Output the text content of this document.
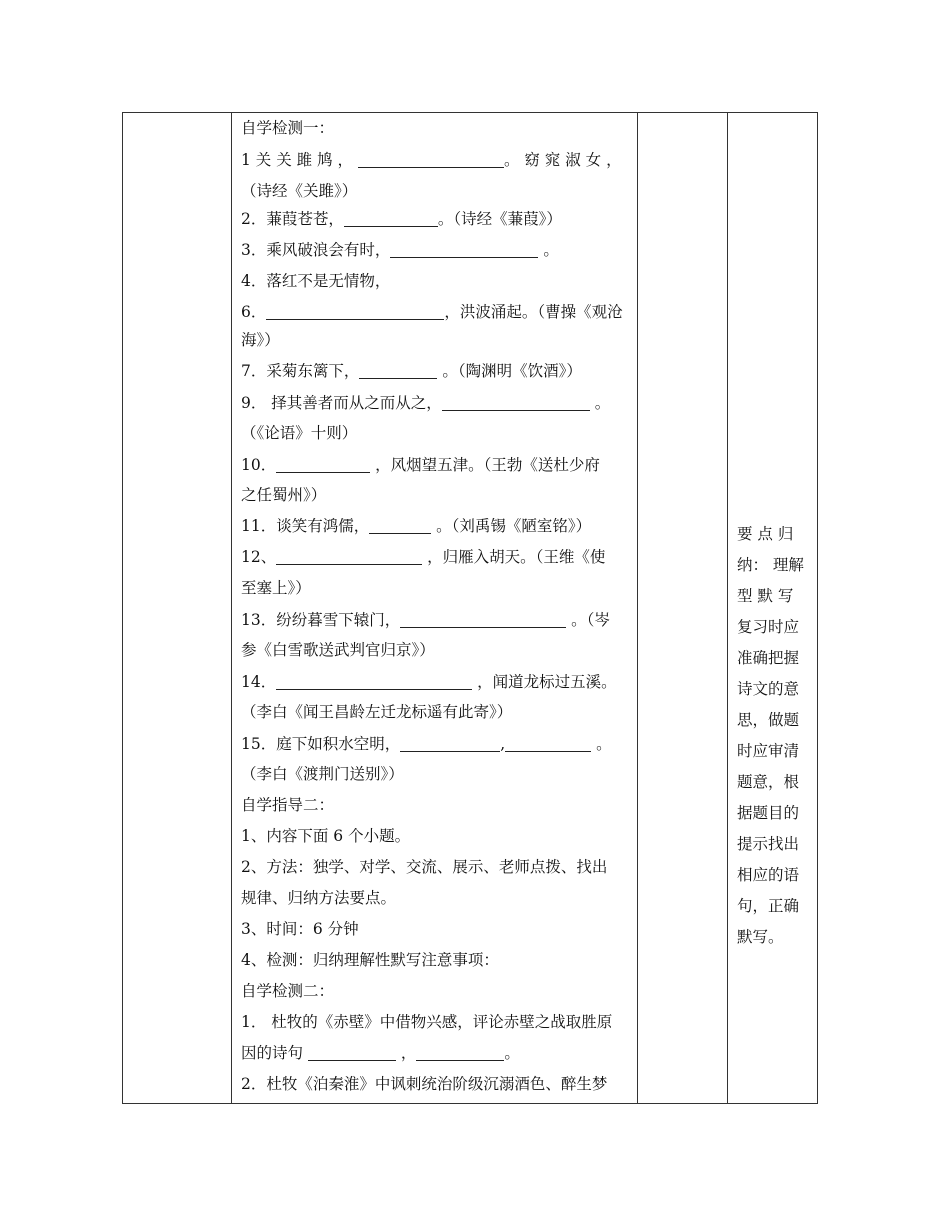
自学检测一：
1 关 关 雎 鸠 ，	。 窈 窕 淑 女 ，
（诗经《关雎》）
2．蒹葭苍苍，	。（诗经《蒹葭》）
3．乘风破浪会有时，	。
4．落红不是无情物，
6．	，洪波涌起。（曹操《观沧
海》）
7．采菊东篱下，	。（陶渊明《饮酒》）
9． 择其善者而从之而从之，	。
（《论语》十则）
10．	，风烟望五津。（王勃《送杜少府
之任蜀州》）
11．谈笑有鸿儒，	。（刘禹锡《陋室铭》）
12、	，归雁入胡天。（王维《使
至塞上》）
13．纷纷暮雪下辕门，	。（岑
参《白雪歌送武判官归京》）
14．	，闻道龙标过五溪。
（李白《闻王昌龄左迁龙标遥有此寄》）
15．庭下如积水空明，	,	。
（李白《渡荆门送别》）
自学指导二：
1、内容下面 6 个小题。
2、方法：独学、对学、交流、展示、老师点拨、找出
规律、归纳方法要点。
3、时间：6 分钟
4、检测：归纳理解性默写注意事项：
自学检测二：
1． 杜牧的《赤壁》中借物兴感，评论赤壁之战取胜原
因的诗句	，	。
2．杜牧《泊秦淮》中讽刺统治阶级沉溺酒色、醉生梦
要 点 归
纳： 理解
型 默 写
复习时应
准确把握
诗文的意
思，做题
时应审清
题意，根
据题目的
提示找出
相应的语
句，正确
默写。
